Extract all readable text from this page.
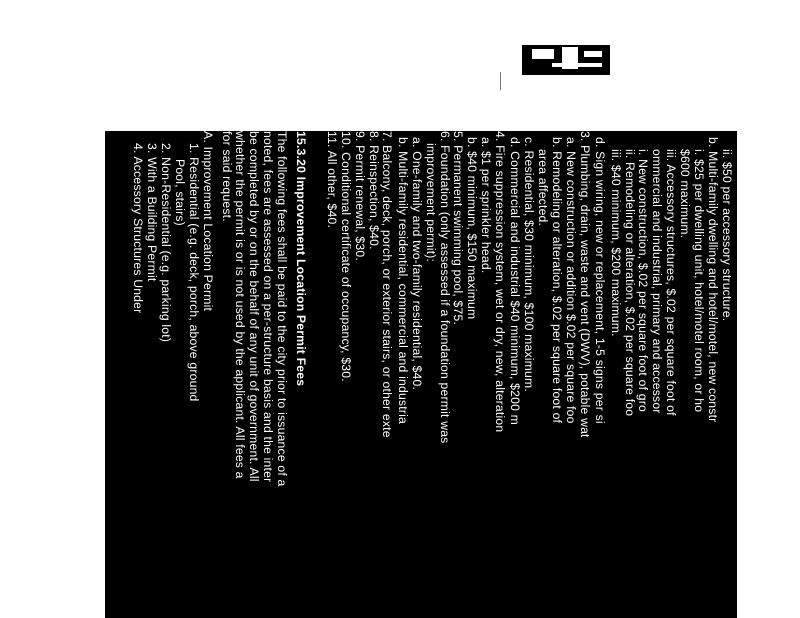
ii. $50 per accessory structure.
b. Multi-family dwelling and hotel/motel, new constr
i. $25 per dwelling unit, hotel/motel room, or ho
$600 maximum.
iii. Accessory structures, $.02 per square foot of
ommercial and industrial, primary and accessor
i. New construction, $.02 per square foot of gro
ii. Remodeling or alteration, $.02 per square foo
iii. $40 minimum, $200 maximum.
d. Sign wiring, new or replacement, 1-5 signs per si
3. Plumbing, drain, waste and vent (DWV), potable wat
a. New construction or addition $.02 per square foo
b. Remodeling or alteration, $.02 per square foot of
area affected.
c. Residential, $30 minimum, $100 maximum.
d. Commercial and industrial $40 minimum, $200 m
4. Fire suppression system, wet or dry, new, alteration
a. $1 per sprinkler head.
b. $40 minimum, $150 maximum
5. Permanent swimming pool, $75.
6. Foundation (only assessed if a foundation permit was
improvement permit):
a. One-family and two-family residential, $40.
b. Multi-family residential, commercial and industria
7. Balcony, deck, porch, or exterior stairs, or other exte
8. Reinspection, $40.
9. Permit renewal, $30.
10. Conditional certificate of occupancy, $30.
11. All other, $40.
15.3.20 Improvement Location Permit Fees
The following fees shall be paid to the city prior to issuance of a
noted, fees are assessed on a per-structure basis and the inter
be completed by or on the behalf of any unit of government. All
whether the permit is or is not used by the applicant. All fees a
for said request.
A. Improvement Location Permit
1. Residential (e.g. deck, porch, above ground
Pool, stairs)
2. Non-Residential (e.g. parking lot)
3. With a Building Permit
4. Accessory Structures Under
